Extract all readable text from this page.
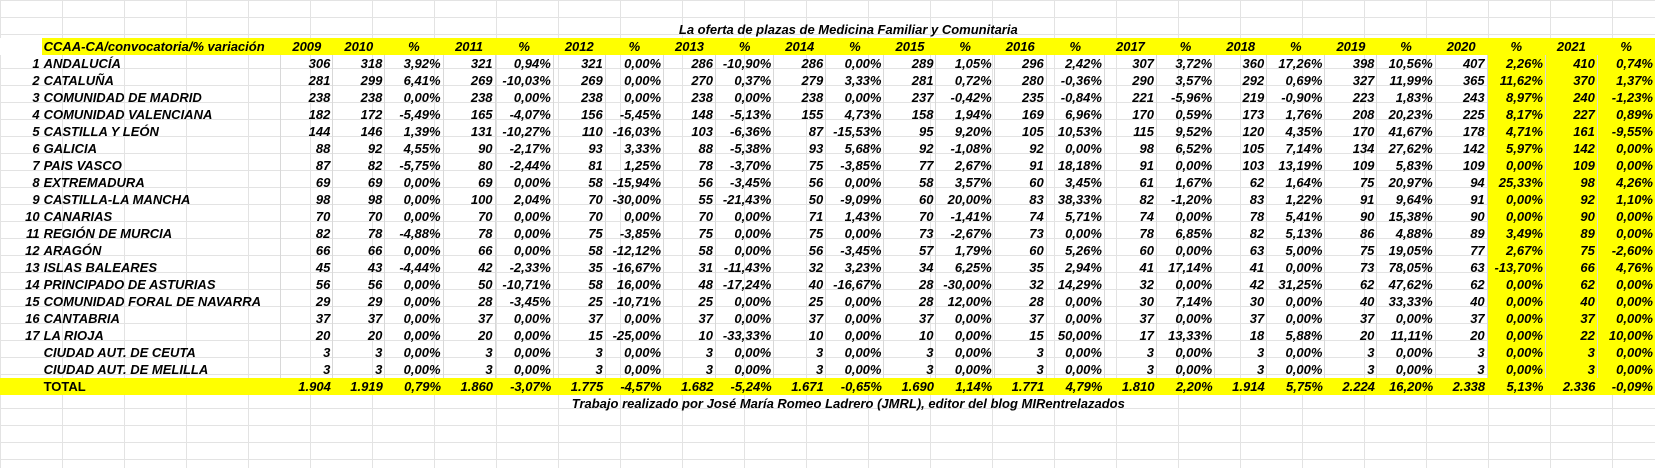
	La oferta de plazas de Medicina Familiar y Comunitaria																									
	CCAA-CA/convocatoria/% variación	2009	2010	%	2011	%	2012	%	2013	%	2014	%	2015	%	2016	%	2017	%	2018	%	2019	%	2020	%	2021	%
1	ANDALUCÍA	306	318	3,92%	321	0,94%	321	0,00%	286	-10,90%	286	0,00%	289	1,05%	296	2,42%	307	3,72%	360	17,26%	398	10,56%	407	2,26%	410	0,74%
2	CATALUÑA	281	299	6,41%	269	-10,03%	269	0,00%	270	0,37%	279	3,33%	281	0,72%	280	-0,36%	290	3,57%	292	0,69%	327	11,99%	365	11,62%	370	1,37%
3	COMUNIDAD DE MADRID	238	238	0,00%	238	0,00%	238	0,00%	238	0,00%	238	0,00%	237	-0,42%	235	-0,84%	221	-5,96%	219	-0,90%	223	1,83%	243	8,97%	240	-1,23%
4	COMUNIDAD VALENCIANA	182	172	-5,49%	165	-4,07%	156	-5,45%	148	-5,13%	155	4,73%	158	1,94%	169	6,96%	170	0,59%	173	1,76%	208	20,23%	225	8,17%	227	0,89%
5	CASTILLA Y LEÓN	144	146	1,39%	131	-10,27%	110	-16,03%	103	-6,36%	87	-15,53%	95	9,20%	105	10,53%	115	9,52%	120	4,35%	170	41,67%	178	4,71%	161	-9,55%
6	GALICIA	88	92	4,55%	90	-2,17%	93	3,33%	88	-5,38%	93	5,68%	92	-1,08%	92	0,00%	98	6,52%	105	7,14%	134	27,62%	142	5,97%	142	0,00%
7	PAIS VASCO	87	82	-5,75%	80	-2,44%	81	1,25%	78	-3,70%	75	-3,85%	77	2,67%	91	18,18%	91	0,00%	103	13,19%	109	5,83%	109	0,00%	109	0,00%
8	EXTREMADURA	69	69	0,00%	69	0,00%	58	-15,94%	56	-3,45%	56	0,00%	58	3,57%	60	3,45%	61	1,67%	62	1,64%	75	20,97%	94	25,33%	98	4,26%
9	CASTILLA-LA MANCHA	98	98	0,00%	100	2,04%	70	-30,00%	55	-21,43%	50	-9,09%	60	20,00%	83	38,33%	82	-1,20%	83	1,22%	91	9,64%	91	0,00%	92	1,10%
10	CANARIAS	70	70	0,00%	70	0,00%	70	0,00%	70	0,00%	71	1,43%	70	-1,41%	74	5,71%	74	0,00%	78	5,41%	90	15,38%	90	0,00%	90	0,00%
11	REGIÓN DE MURCIA	82	78	-4,88%	78	0,00%	75	-3,85%	75	0,00%	75	0,00%	73	-2,67%	73	0,00%	78	6,85%	82	5,13%	86	4,88%	89	3,49%	89	0,00%
12	ARAGÓN	66	66	0,00%	66	0,00%	58	-12,12%	58	0,00%	56	-3,45%	57	1,79%	60	5,26%	60	0,00%	63	5,00%	75	19,05%	77	2,67%	75	-2,60%
13	ISLAS BALEARES	45	43	-4,44%	42	-2,33%	35	-16,67%	31	-11,43%	32	3,23%	34	6,25%	35	2,94%	41	17,14%	41	0,00%	73	78,05%	63	-13,70%	66	4,76%
14	PRINCIPADO DE ASTURIAS	56	56	0,00%	50	-10,71%	58	16,00%	48	-17,24%	40	-16,67%	28	-30,00%	32	14,29%	32	0,00%	42	31,25%	62	47,62%	62	0,00%	62	0,00%
15	COMUNIDAD FORAL DE NAVARRA	29	29	0,00%	28	-3,45%	25	-10,71%	25	0,00%	25	0,00%	28	12,00%	28	0,00%	30	7,14%	30	0,00%	40	33,33%	40	0,00%	40	0,00%
16	CANTABRIA	37	37	0,00%	37	0,00%	37	0,00%	37	0,00%	37	0,00%	37	0,00%	37	0,00%	37	0,00%	37	0,00%	37	0,00%	37	0,00%	37	0,00%
17	LA RIOJA	20	20	0,00%	20	0,00%	15	-25,00%	10	-33,33%	10	0,00%	10	0,00%	15	50,00%	17	13,33%	18	5,88%	20	11,11%	20	0,00%	22	10,00%
	CIUDAD AUT. DE CEUTA	3	3	0,00%	3	0,00%	3	0,00%	3	0,00%	3	0,00%	3	0,00%	3	0,00%	3	0,00%	3	0,00%	3	0,00%	3	0,00%	3	0,00%
	CIUDAD AUT. DE MELILLA	3	3	0,00%	3	0,00%	3	0,00%	3	0,00%	3	0,00%	3	0,00%	3	0,00%	3	0,00%	3	0,00%	3	0,00%	3	0,00%	3	0,00%
	TOTAL	1.904	1.919	0,79%	1.860	-3,07%	1.775	-4,57%	1.682	-5,24%	1.671	-0,65%	1.690	1,14%	1.771	4,79%	1.810	2,20%	1.914	5,75%	2.224	16,20%	2.338	5,13%	2.336	-0,09%
	Trabajo realizado por José María Romeo Ladrero (JMRL), editor del blog MIRentrelazados																									
